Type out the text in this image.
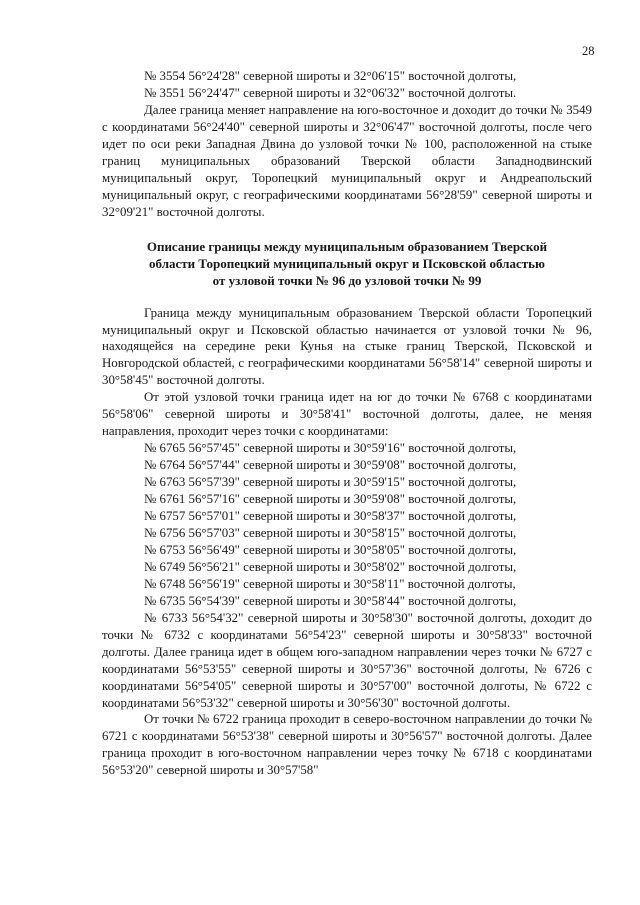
28
№ 3554 56°24'28" северной широты и 32°06'15" восточной долготы,
№ 3551 56°24'47" северной широты и 32°06'32" восточной долготы.

Далее граница меняет направление на юго-восточное и доходит до точки № 3549 с координатами 56°24'40" северной широты и 32°06'47" восточной долготы, после чего идет по оси реки Западная Двина до узловой точки № 100, расположенной на стыке границ муниципальных образований Тверской области Западнодвинский муниципальный округ, Торопецкий муниципальный округ и Андреапольский муниципальный округ, с географическими координатами 56°28'59" северной широты и 32°09'21" восточной долготы.

Описание границы между муниципальным образованием Тверской
области Торопецкий муниципальный округ и Псковской областью
от узловой точки № 96 до узловой точки № 99

Граница между муниципальным образованием Тверской области Торопецкий муниципальный округ и Псковской областью начинается от узловой точки № 96, находящейся на середине реки Кунья на стыке границ Тверской, Псковской и Новгородской областей, с географическими координатами 56°58'14" северной широты и 30°58'45" восточной долготы.

От этой узловой точки граница идет на юг до точки № 6768 с координатами 56°58'06" северной широты и 30°58'41" восточной долготы, далее, не меняя направления, проходит через точки с координатами:

№ 6765 56°57'45" северной широты и 30°59'16" восточной долготы,
№ 6764 56°57'44" северной широты и 30°59'08" восточной долготы,
№ 6763 56°57'39" северной широты и 30°59'15" восточной долготы,
№ 6761 56°57'16" северной широты и 30°59'08" восточной долготы,
№ 6757 56°57'01" северной широты и 30°58'37" восточной долготы,
№ 6756 56°57'03" северной широты и 30°58'15" восточной долготы,
№ 6753 56°56'49" северной широты и 30°58'05" восточной долготы,
№ 6749 56°56'21" северной широты и 30°58'02" восточной долготы,
№ 6748 56°56'19" северной широты и 30°58'11" восточной долготы,
№ 6735 56°54'39" северной широты и 30°58'44" восточной долготы,

№ 6733 56°54'32" северной широты и 30°58'30" восточной долготы, доходит до точки № 6732 с координатами 56°54'23" северной широты и 30°58'33" восточной долготы. Далее граница идет в общем юго-западном направлении через точки № 6727 с координатами 56°53'55" северной широты и 30°57'36" восточной долготы, № 6726 с координатами 56°54'05" северной широты и 30°57'00" восточной долготы, № 6722 с координатами 56°53'32" северной широты и 30°56'30" восточной долготы.

От точки № 6722 граница проходит в северо-восточном направлении до точки № 6721 с координатами 56°53'38" северной широты и 30°56'57" восточной долготы. Далее граница проходит в юго-восточном направлении через точку № 6718 с координатами 56°53'20" северной широты и 30°57'58"
